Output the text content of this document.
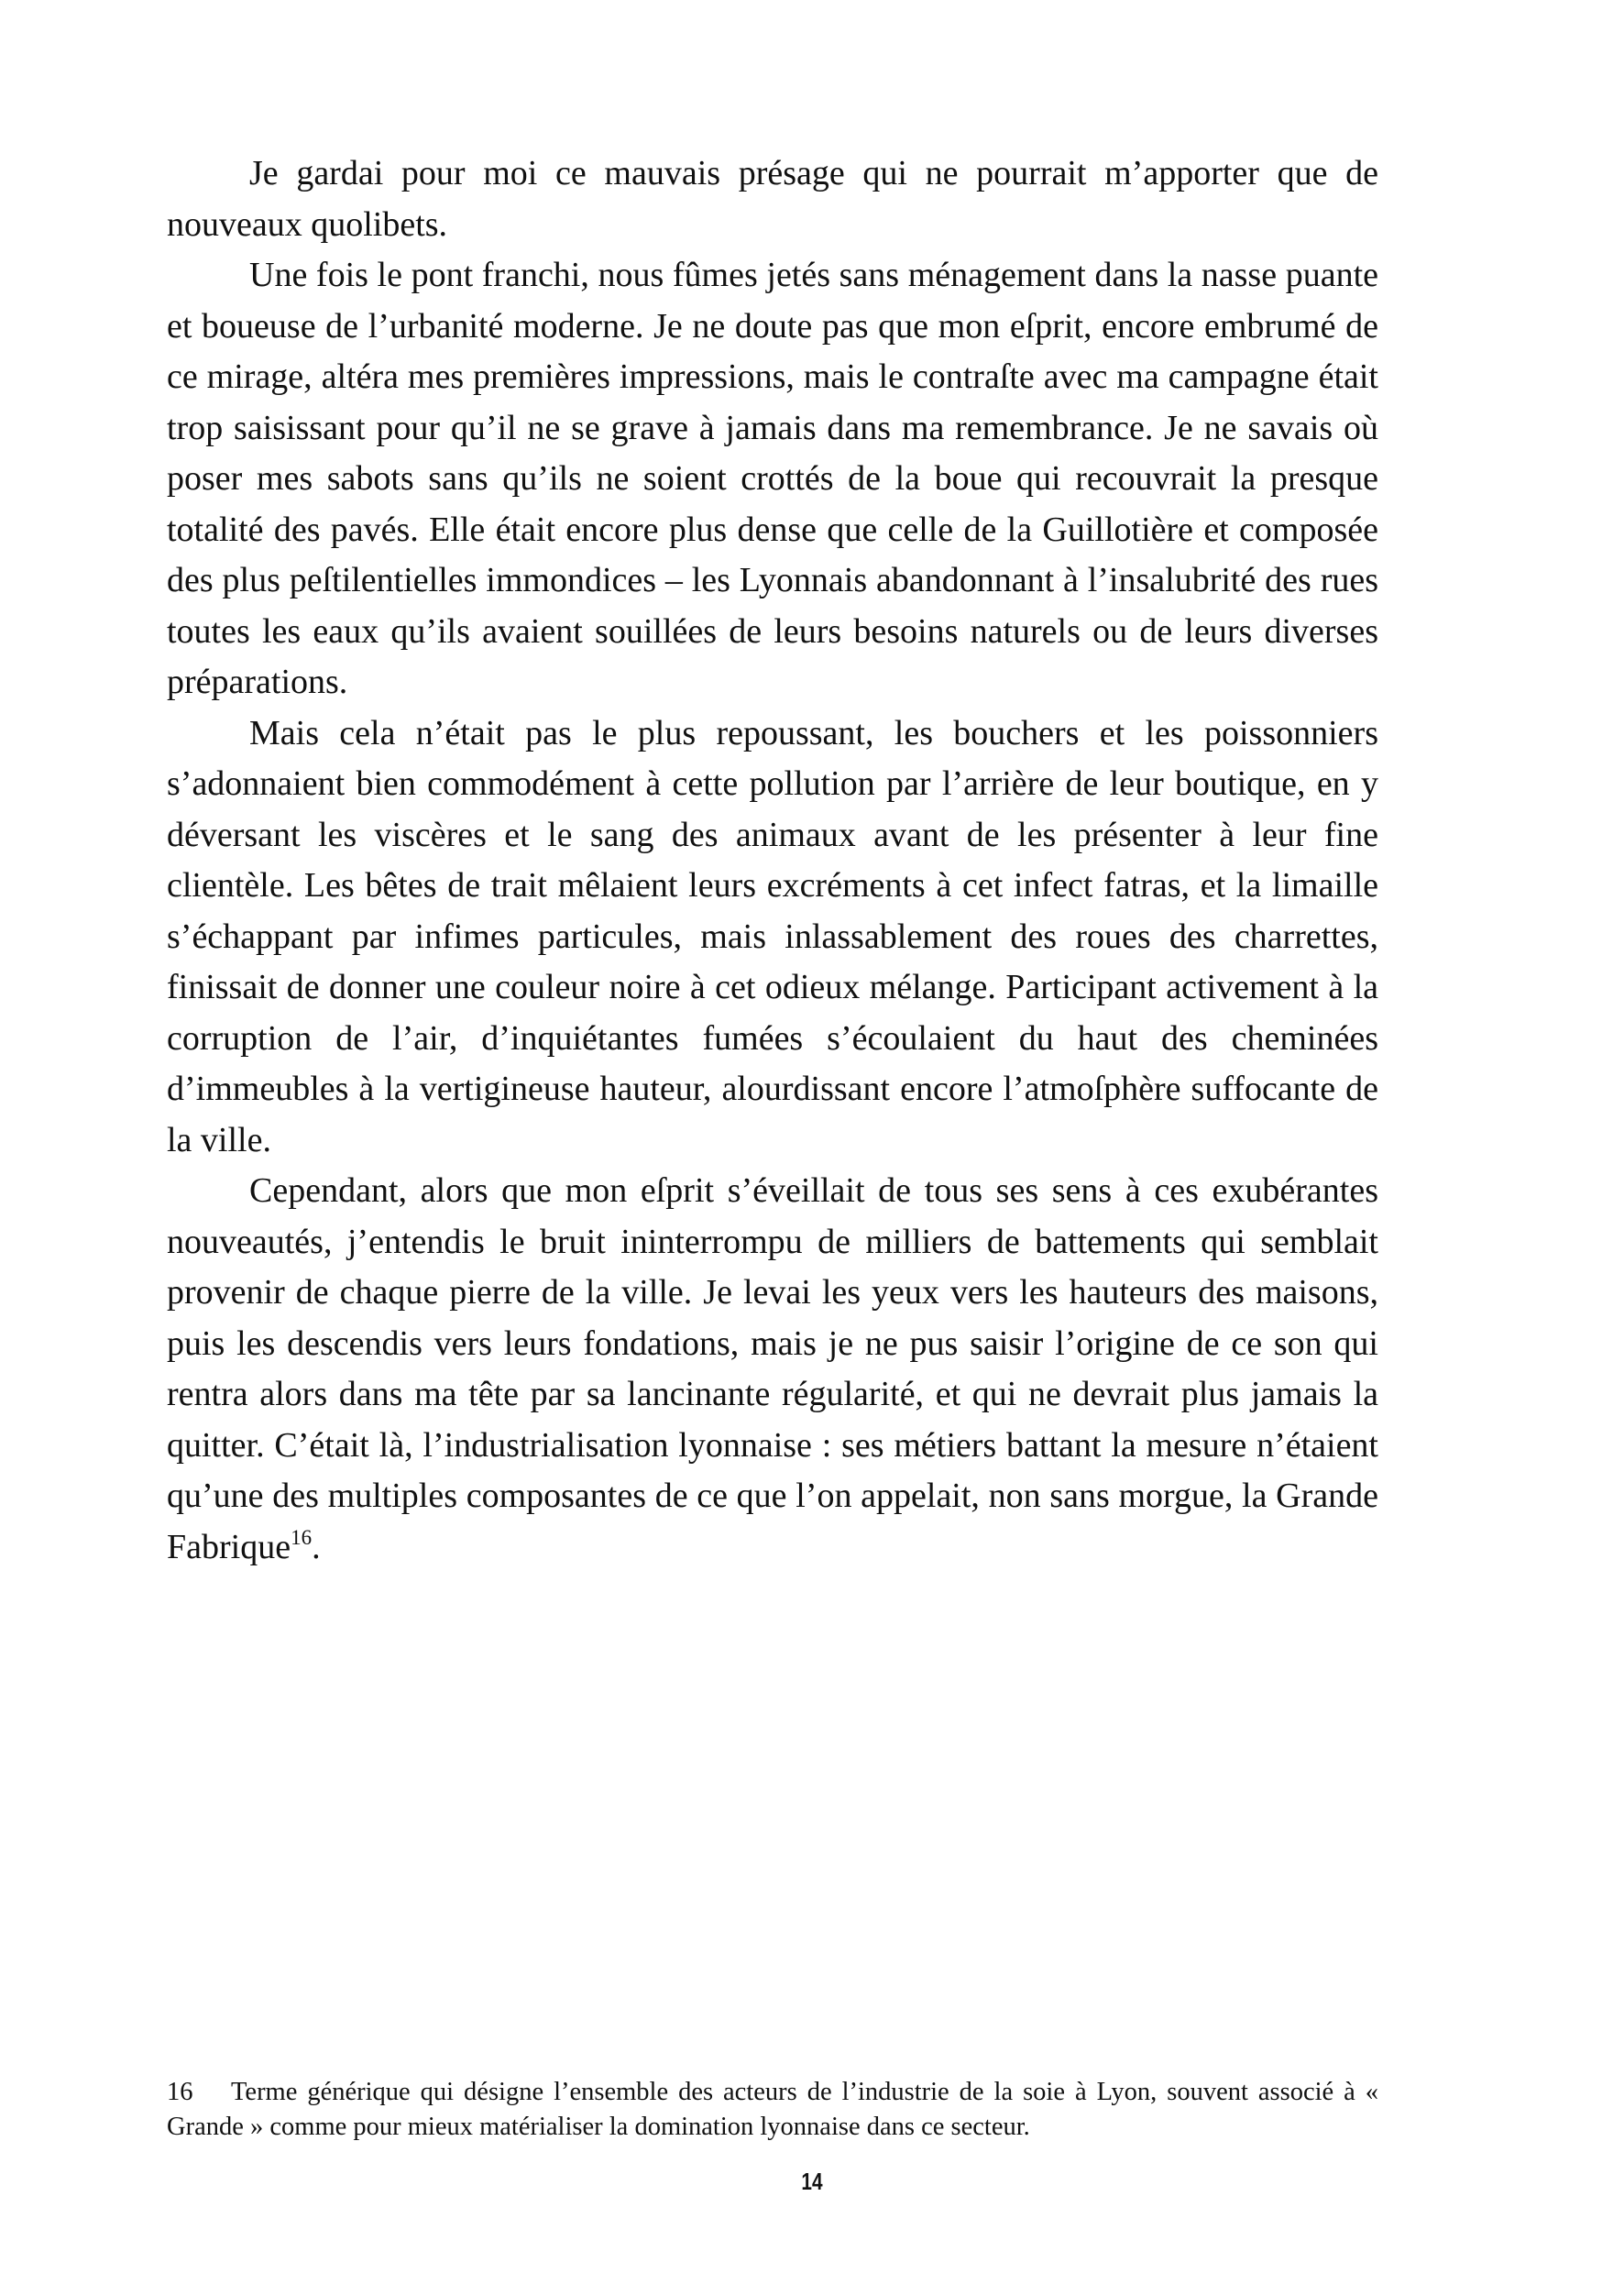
Je gardai pour moi ce mauvais présage qui ne pourrait m’apporter que de nouveaux quolibets.

Une fois le pont franchi, nous fûmes jetés sans ménagement dans la nasse puante et boueuse de l’urbanité moderne. Je ne doute pas que mon eſprit, encore embrumé de ce mirage, altéra mes premières impressions, mais le contraſte avec ma campagne était trop saisissant pour qu’il ne se grave à jamais dans ma remembrance. Je ne savais où poser mes sabots sans qu’ils ne soient crottés de la boue qui recouvrait la presque totalité des pavés. Elle était encore plus dense que celle de la Guillotière et composée des plus peſtilentielles immondices – les Lyonnais abandonnant à l’insalubrité des rues toutes les eaux qu’ils avaient souillées de leurs besoins naturels ou de leurs diverses préparations.

Mais cela n’était pas le plus repoussant, les bouchers et les poissonniers s’adonnaient bien commodément à cette pollution par l’arrière de leur boutique, en y déversant les viscères et le sang des animaux avant de les présenter à leur fine clientèle. Les bêtes de trait mêlaient leurs excréments à cet infect fatras, et la limaille s’échappant par infimes particules, mais inlassablement des roues des charrettes, finissait de donner une couleur noire à cet odieux mélange. Participant activement à la corruption de l’air, d’inquiétantes fumées s’écoulaient du haut des cheminées d’immeubles à la vertigineuse hauteur, alourdissant encore l’atmoſphère suffocante de la ville.

Cependant, alors que mon eſprit s’éveillait de tous ses sens à ces exubérantes nouveautés, j’entendis le bruit ininterrompu de milliers de battements qui semblait provenir de chaque pierre de la ville. Je levai les yeux vers les hauteurs des maisons, puis les descendis vers leurs fondations, mais je ne pus saisir l’origine de ce son qui rentra alors dans ma tête par sa lancinante régularité, et qui ne devrait plus jamais la quitter. C’était là, l’industrialisation lyonnaise : ses métiers battant la mesure n’étaient qu’une des multiples composantes de ce que l’on appelait, non sans morgue, la Grande Fabrique$^{16}$.

16 Terme générique qui désigne l’ensemble des acteurs de l’industrie de la soie à Lyon, souvent associé à « Grande » comme pour mieux matérialiser la domination lyonnaise dans ce secteur.

14
